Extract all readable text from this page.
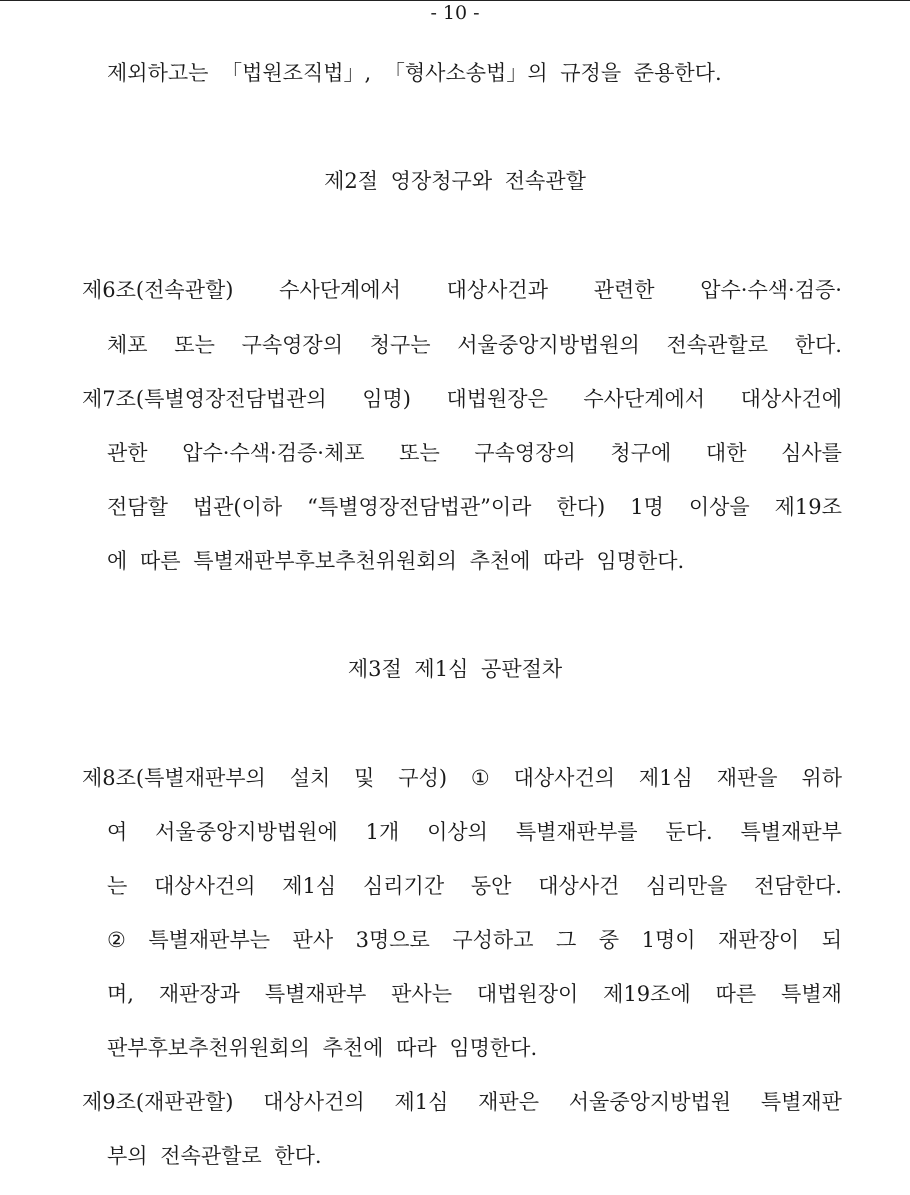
- 10 -
제외하고는 「법원조직법」, 「형사소송법」의 규정을 준용한다.
제2절 영장청구와 전속관할
제6조(전속관할) 수사단계에서 대상사건과 관련한 압수·수색·검증·
체포 또는 구속영장의 청구는 서울중앙지방법원의 전속관할로 한다.
제7조(특별영장전담법관의 임명) 대법원장은 수사단계에서 대상사건에
관한 압수·수색·검증·체포 또는 구속영장의 청구에 대한 심사를
전담할 법관(이하 “특별영장전담법관”이라 한다) 1명 이상을 제19조
에 따른 특별재판부후보추천위원회의 추천에 따라 임명한다.
제3절 제1심 공판절차
제8조(특별재판부의 설치 및 구성) ① 대상사건의 제1심 재판을 위하
여 서울중앙지방법원에 1개 이상의 특별재판부를 둔다. 특별재판부
는 대상사건의 제1심 심리기간 동안 대상사건 심리만을 전담한다.
② 특별재판부는 판사 3명으로 구성하고 그 중 1명이 재판장이 되
며, 재판장과 특별재판부 판사는 대법원장이 제19조에 따른 특별재
판부후보추천위원회의 추천에 따라 임명한다.
제9조(재판관할) 대상사건의 제1심 재판은 서울중앙지방법원 특별재판
부의 전속관할로 한다.
